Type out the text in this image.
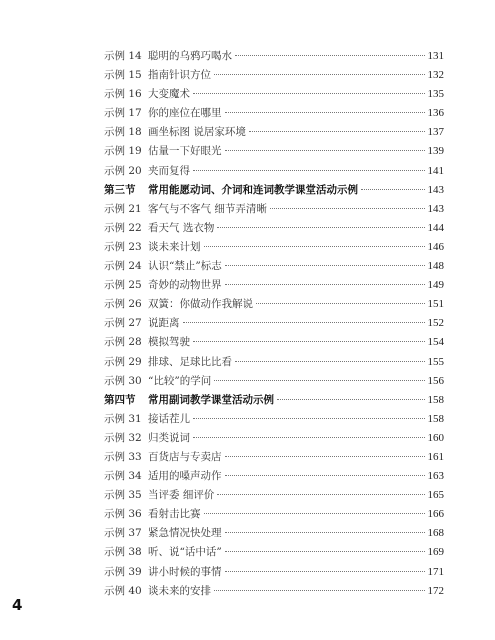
示例 14 聪明的乌鸦巧喝水	131
示例 15 指南针识方位	132
示例 16 大变魔术	135
示例 17 你的座位在哪里	136
示例 18 画坐标图 说居家环境	137
示例 19 估量一下好眼光	139
示例 20 夹而复得	141
第三节	常用能愿动词、介词和连词教学课堂活动示例	143
示例 21 客气与不客气 细节弄清晰	143
示例 22 看天气 选衣物	144
示例 23 谈未来计划	146
示例 24 认识“禁止”标志	148
示例 25 奇妙的动物世界	149
示例 26 双簧：你做动作我解说	151
示例 27 说距离	152
示例 28 模拟驾驶	154
示例 29 排球、足球比比看	155
示例 30 “比较”的学问	156
第四节	常用副词教学课堂活动示例	158
示例 31 接话茬儿	158
示例 32 归类说词	160
示例 33 百货店与专卖店	161
示例 34 适用的嗓声动作	163
示例 35 当评委 细评价	165
示例 36 看射击比赛	166
示例 37 紧急情况快处理	168
示例 38 听、说“话中话”	169
示例 39 讲小时候的事情	171
示例 40 谈未来的安排	172
4
